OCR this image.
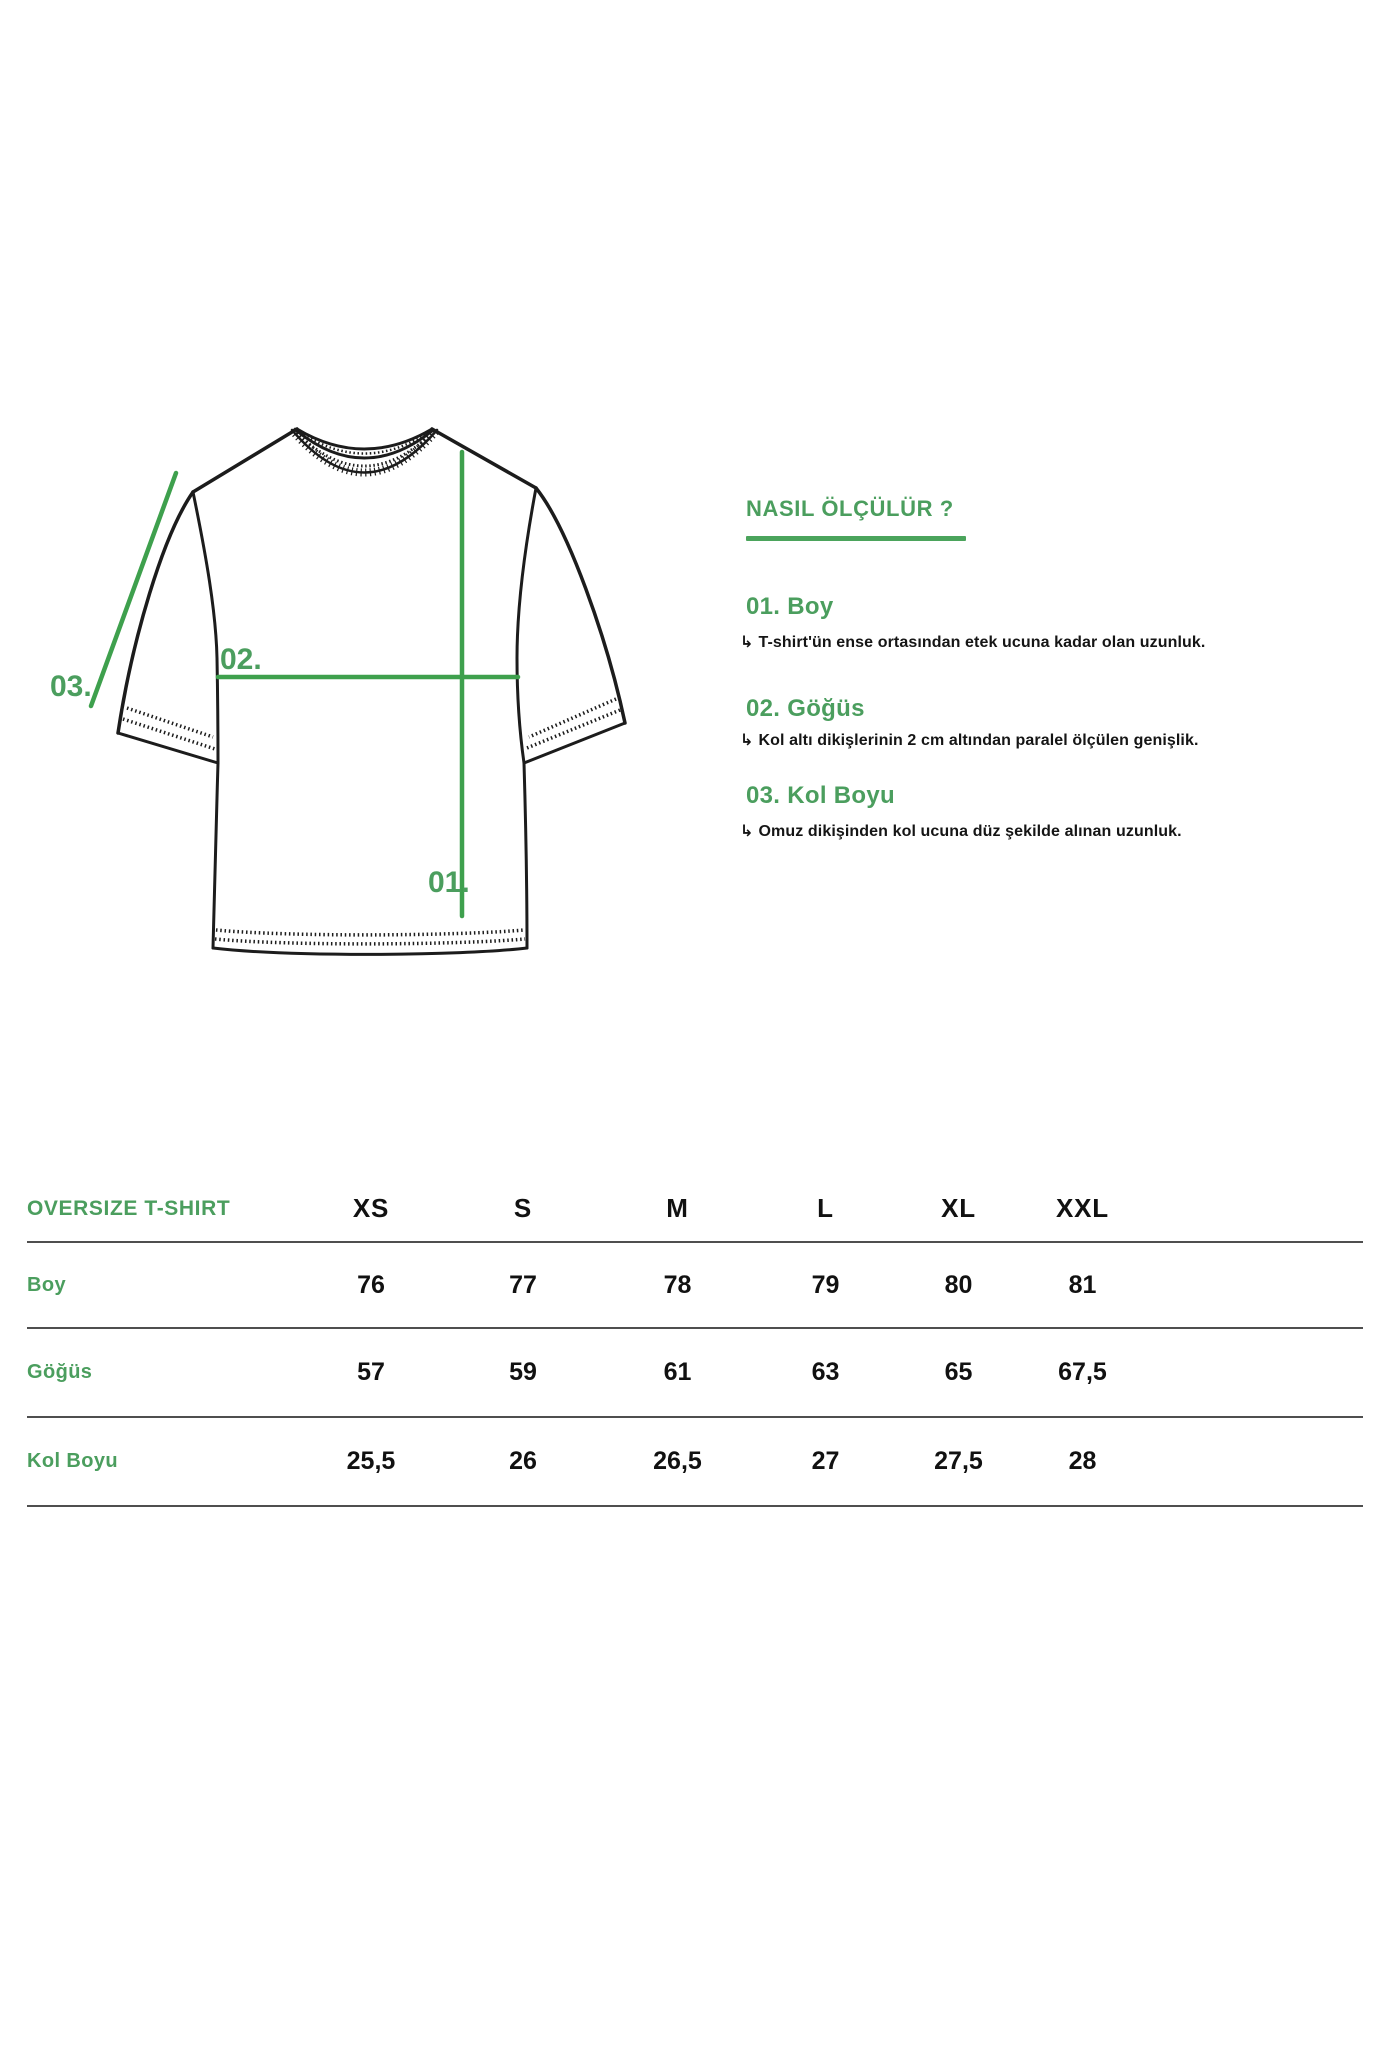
01.
02.
03.
NASIL ÖLÇÜLÜR ?
01. Boy

↳ T-shirt'ün ense ortasından etek ucuna kadar olan uzunluk.

02. Göğüs

↳ Kol altı dikişlerinin 2 cm altından paralel ölçülen genişlik.

03. Kol Boyu

↳ Omuz dikişinden kol ucuna düz şekilde alınan uzunluk.

OVERSIZE T-SHIRT	XS	S	M	L	XL	XXL
Boy	76	77	78	79	80	81
Göğüs	57	59	61	63	65	67,5
Kol Boyu	25,5	26	26,5	27	27,5	28
